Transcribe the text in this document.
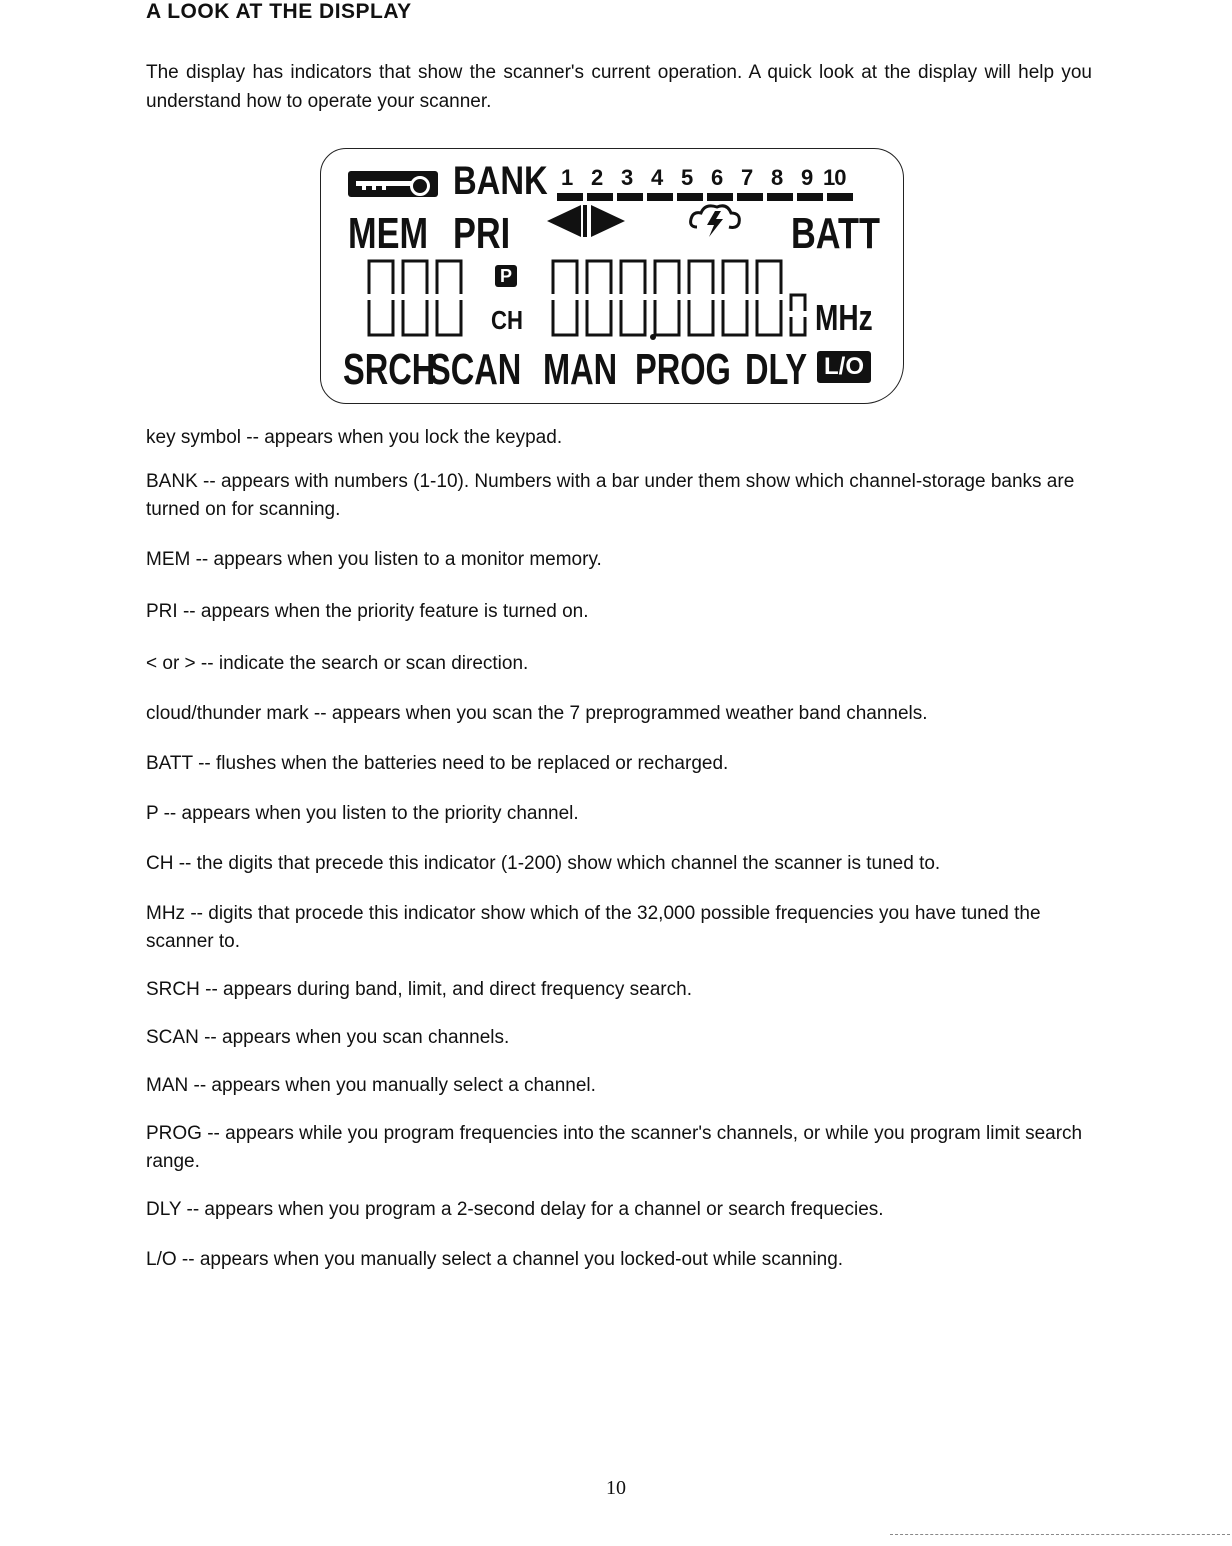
A LOOK AT THE DISPLAY
The display has indicators that show the scanner's current operation. A quick look at the display will help you understand how to operate your scanner.
BANK 1 2 3 4 5 6 7 8 9 10
MEM PRI	BATT
P
CH	MHz
SRCH
SCAN MAN PROG DLY L/O

key symbol -- appears when you lock the keypad.

BANK -- appears with numbers (1-10). Numbers with a bar under them show which channel-storage banks are turned on for scanning.

MEM -- appears when you listen to a monitor memory.

PRI -- appears when the priority feature is turned on.

< or > -- indicate the search or scan direction.

cloud/thunder mark -- appears when you scan the 7 preprogrammed weather band channels.

BATT -- flushes when the batteries need to be replaced or recharged.

P -- appears when you listen to the priority channel.

CH -- the digits that precede this indicator (1-200) show which channel the scanner is tuned to.

MHz -- digits that procede this indicator show which of the 32,000 possible frequencies you have tuned the scanner to.

SRCH -- appears during band, limit, and direct frequency search.

SCAN -- appears when you scan channels.

MAN -- appears when you manually select a channel.

PROG -- appears while you program frequencies into the scanner's channels, or while you program limit search range.

DLY -- appears when you program a 2-second delay for a channel or search frequecies.

L/O -- appears when you manually select a channel you locked-out while scanning.

10
